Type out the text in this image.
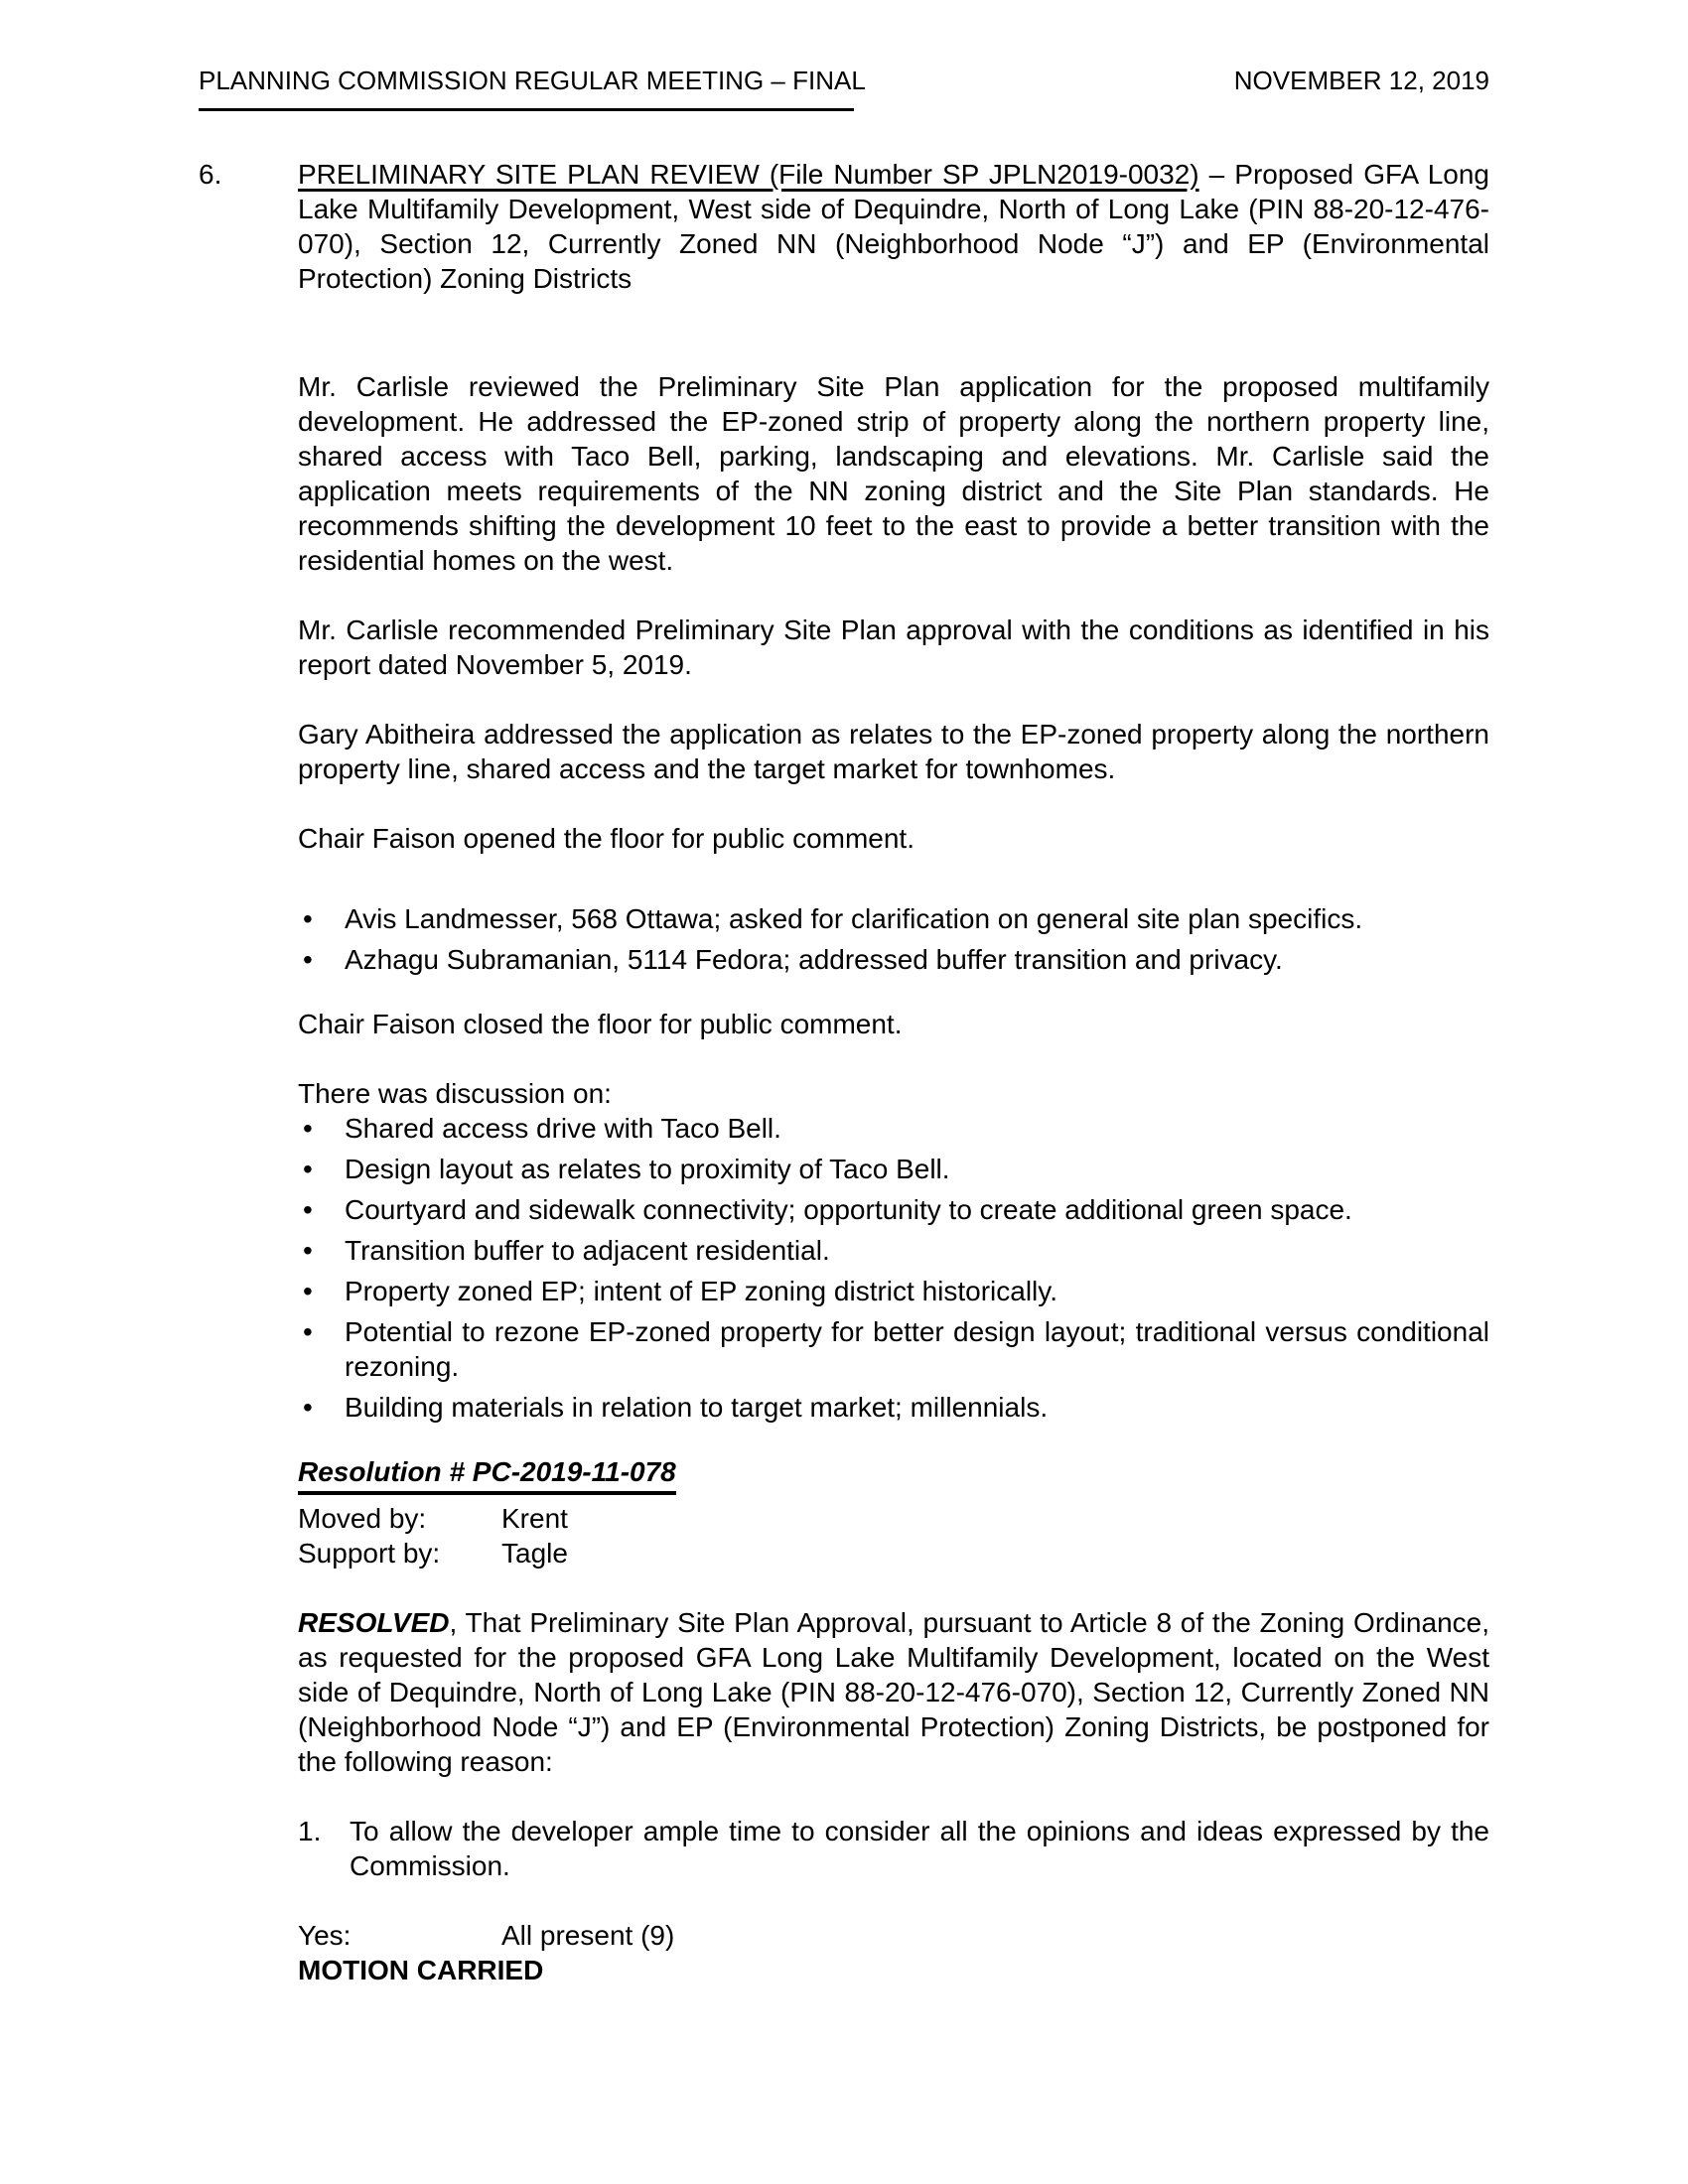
PLANNING COMMISSION REGULAR MEETING – FINAL	NOVEMBER 12, 2019
6.	PRELIMINARY SITE PLAN REVIEW (File Number SP JPLN2019-0032) – Proposed GFA Long Lake Multifamily Development, West side of Dequindre, North of Long Lake (PIN 88-20-12-476-070), Section 12, Currently Zoned NN (Neighborhood Node “J”) and EP (Environmental Protection) Zoning Districts

Mr. Carlisle reviewed the Preliminary Site Plan application for the proposed multifamily development. He addressed the EP-zoned strip of property along the northern property line, shared access with Taco Bell, parking, landscaping and elevations. Mr. Carlisle said the application meets requirements of the NN zoning district and the Site Plan standards. He recommends shifting the development 10 feet to the east to provide a better transition with the residential homes on the west.

Mr. Carlisle recommended Preliminary Site Plan approval with the conditions as identified in his report dated November 5, 2019.

Gary Abitheira addressed the application as relates to the EP-zoned property along the northern property line, shared access and the target market for townhomes.

Chair Faison opened the floor for public comment.

•	Avis Landmesser, 568 Ottawa; asked for clarification on general site plan specifics.
•	Azhagu Subramanian, 5114 Fedora; addressed buffer transition and privacy.

Chair Faison closed the floor for public comment.

There was discussion on:

•	Shared access drive with Taco Bell.
•	Design layout as relates to proximity of Taco Bell.
•	Courtyard and sidewalk connectivity; opportunity to create additional green space.
•	Transition buffer to adjacent residential.
•	Property zoned EP; intent of EP zoning district historically.
•	Potential to rezone EP-zoned property for better design layout; traditional versus conditional rezoning.
•	Building materials in relation to target market; millennials.

Resolution # PC-2019-11-078

Moved by:	Krent
Support by:	Tagle

RESOLVED, That Preliminary Site Plan Approval, pursuant to Article 8 of the Zoning Ordinance, as requested for the proposed GFA Long Lake Multifamily Development, located on the West side of Dequindre, North of Long Lake (PIN 88-20-12-476-070), Section 12, Currently Zoned NN (Neighborhood Node “J”) and EP (Environmental Protection) Zoning Districts, be postponed for the following reason:

1.	To allow the developer ample time to consider all the opinions and ideas expressed by the Commission.
Yes:	All present (9)
MOTION CARRIED
